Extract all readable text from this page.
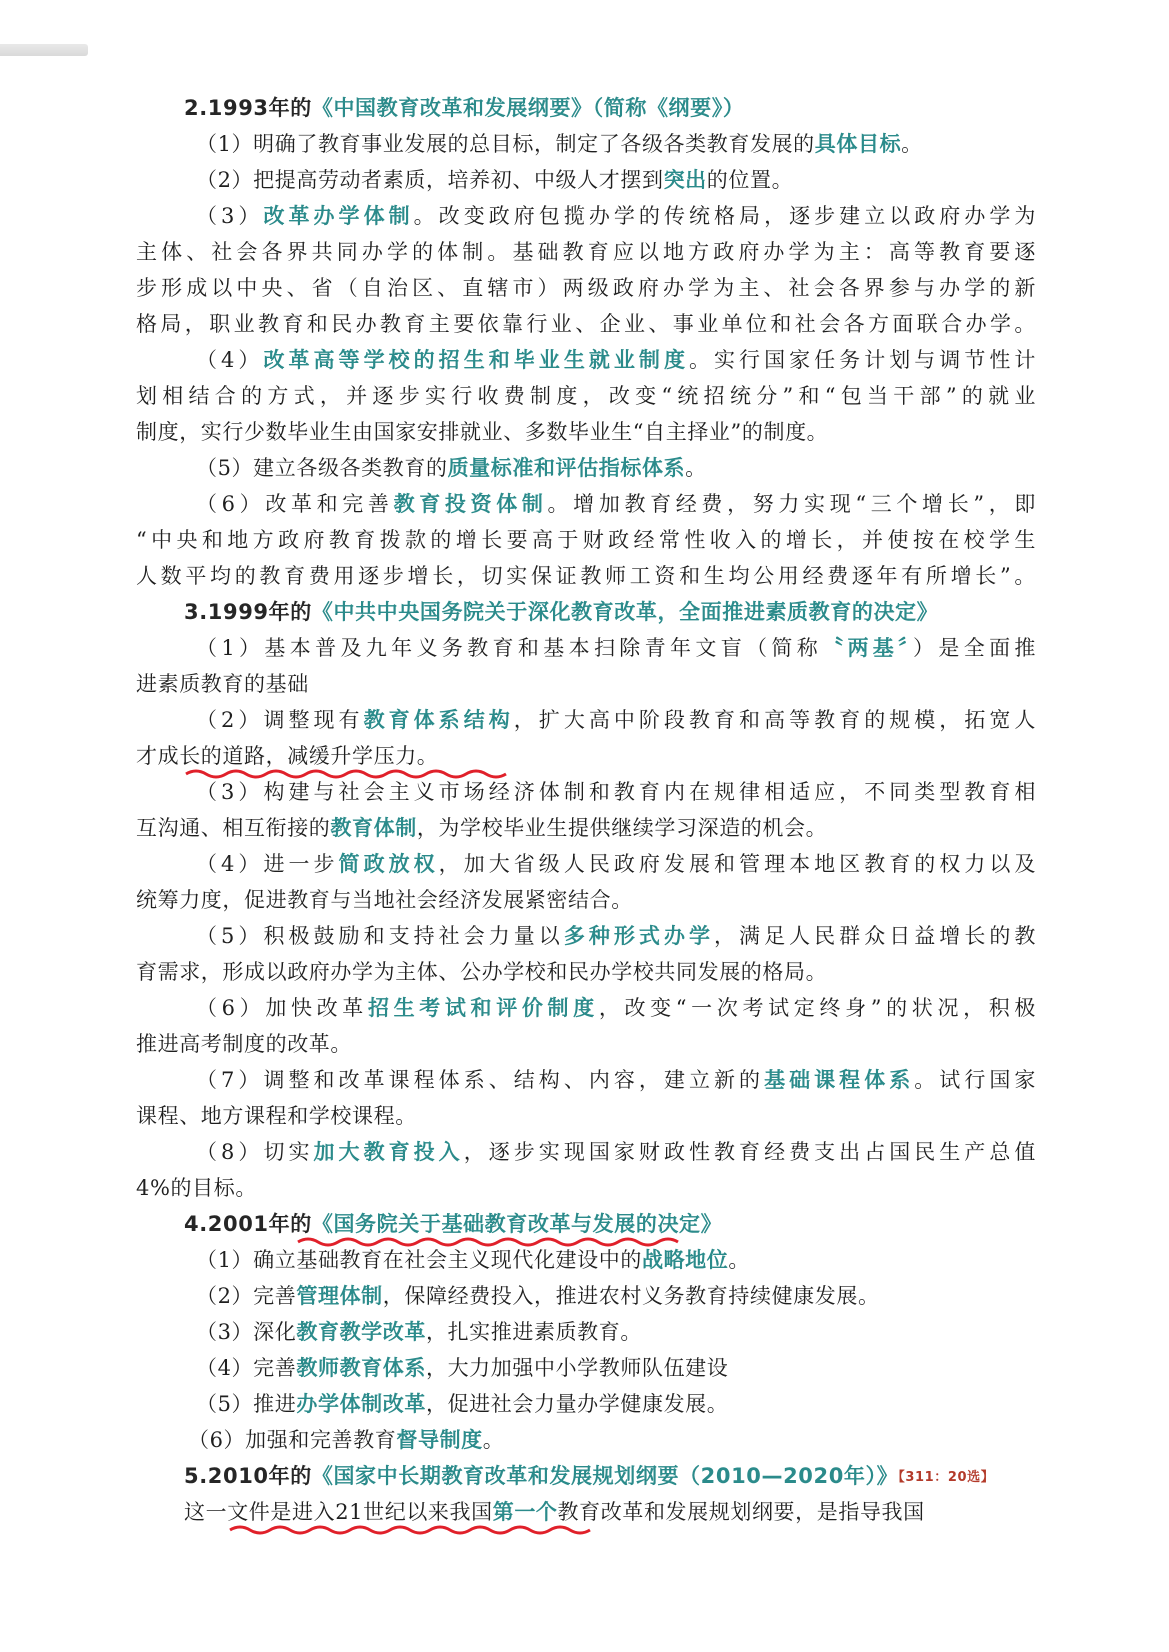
2.1993年的《中国教育改革和发展纲要》（简称《纲要》）
（1）明确了教育事业发展的总目标，制定了各级各类教育发展的具体目标。
（2）把提高劳动者素质，培养初、中级人才摆到突出的位置。
（3）改革办学体制。改变政府包揽办学的传统格局，逐步建立以政府办学为
主体、社会各界共同办学的体制。基础教育应以地方政府办学为主：高等教育要逐
步形成以中央、省（自治区、直辖市）两级政府办学为主、社会各界参与办学的新
格局，职业教育和民办教育主要依靠行业、企业、事业单位和社会各方面联合办学。
（4）改革高等学校的招生和毕业生就业制度。实行国家任务计划与调节性计
划相结合的方式，并逐步实行收费制度，改变“统招统分”和“包当干部”的就业
制度，实行少数毕业生由国家安排就业、多数毕业生“自主择业”的制度。
（5）建立各级各类教育的质量标准和评估指标体系。
（6）改革和完善教育投资体制。增加教育经费，努力实现“三个增长”，即
“中央和地方政府教育拨款的增长要高于财政经常性收入的增长，并使按在校学生
人数平均的教育费用逐步增长，切实保证教师工资和生均公用经费逐年有所增长”。
3.1999年的《中共中央国务院关于深化教育改革，全面推进素质教育的决定》
（1）基本普及九年义务教育和基本扫除青年文盲（简称〝两基〞）是全面推
进素质教育的基础
（2）调整现有教育体系结构，扩大高中阶段教育和高等教育的规模，拓宽人
才成长的道路，减缓升学压力。
（3）构建与社会主义市场经济体制和教育内在规律相适应，不同类型教育相
互沟通、相互衔接的教育体制，为学校毕业生提供继续学习深造的机会。
（4）进一步简政放权，加大省级人民政府发展和管理本地区教育的权力以及
统筹力度，促进教育与当地社会经济发展紧密结合。
（5）积极鼓励和支持社会力量以多种形式办学，满足人民群众日益增长的教
育需求，形成以政府办学为主体、公办学校和民办学校共同发展的格局。
（6）加快改革招生考试和评价制度，改变“一次考试定终身”的状况，积极
推进高考制度的改革。
（7）调整和改革课程体系、结构、内容，建立新的基础课程体系。试行国家
课程、地方课程和学校课程。
（8）切实加大教育投入，逐步实现国家财政性教育经费支出占国民生产总值
4%的目标。
4.2001年的《国务院关于基础教育改革与发展的决定》
（1）确立基础教育在社会主义现代化建设中的战略地位。
（2）完善管理体制，保障经费投入，推进农村义务教育持续健康发展。
（3）深化教育教学改革，扎实推进素质教育。
（4）完善教师教育体系，大力加强中小学教师队伍建设
（5）推进办学体制改革，促进社会力量办学健康发展。
（6）加强和完善教育督导制度。
5.2010年的《国家中长期教育改革和发展规划纲要（2010—2020年）》【311：20选】
这一文件是进入21世纪以来我国第一个教育改革和发展规划纲要，是指导我国
